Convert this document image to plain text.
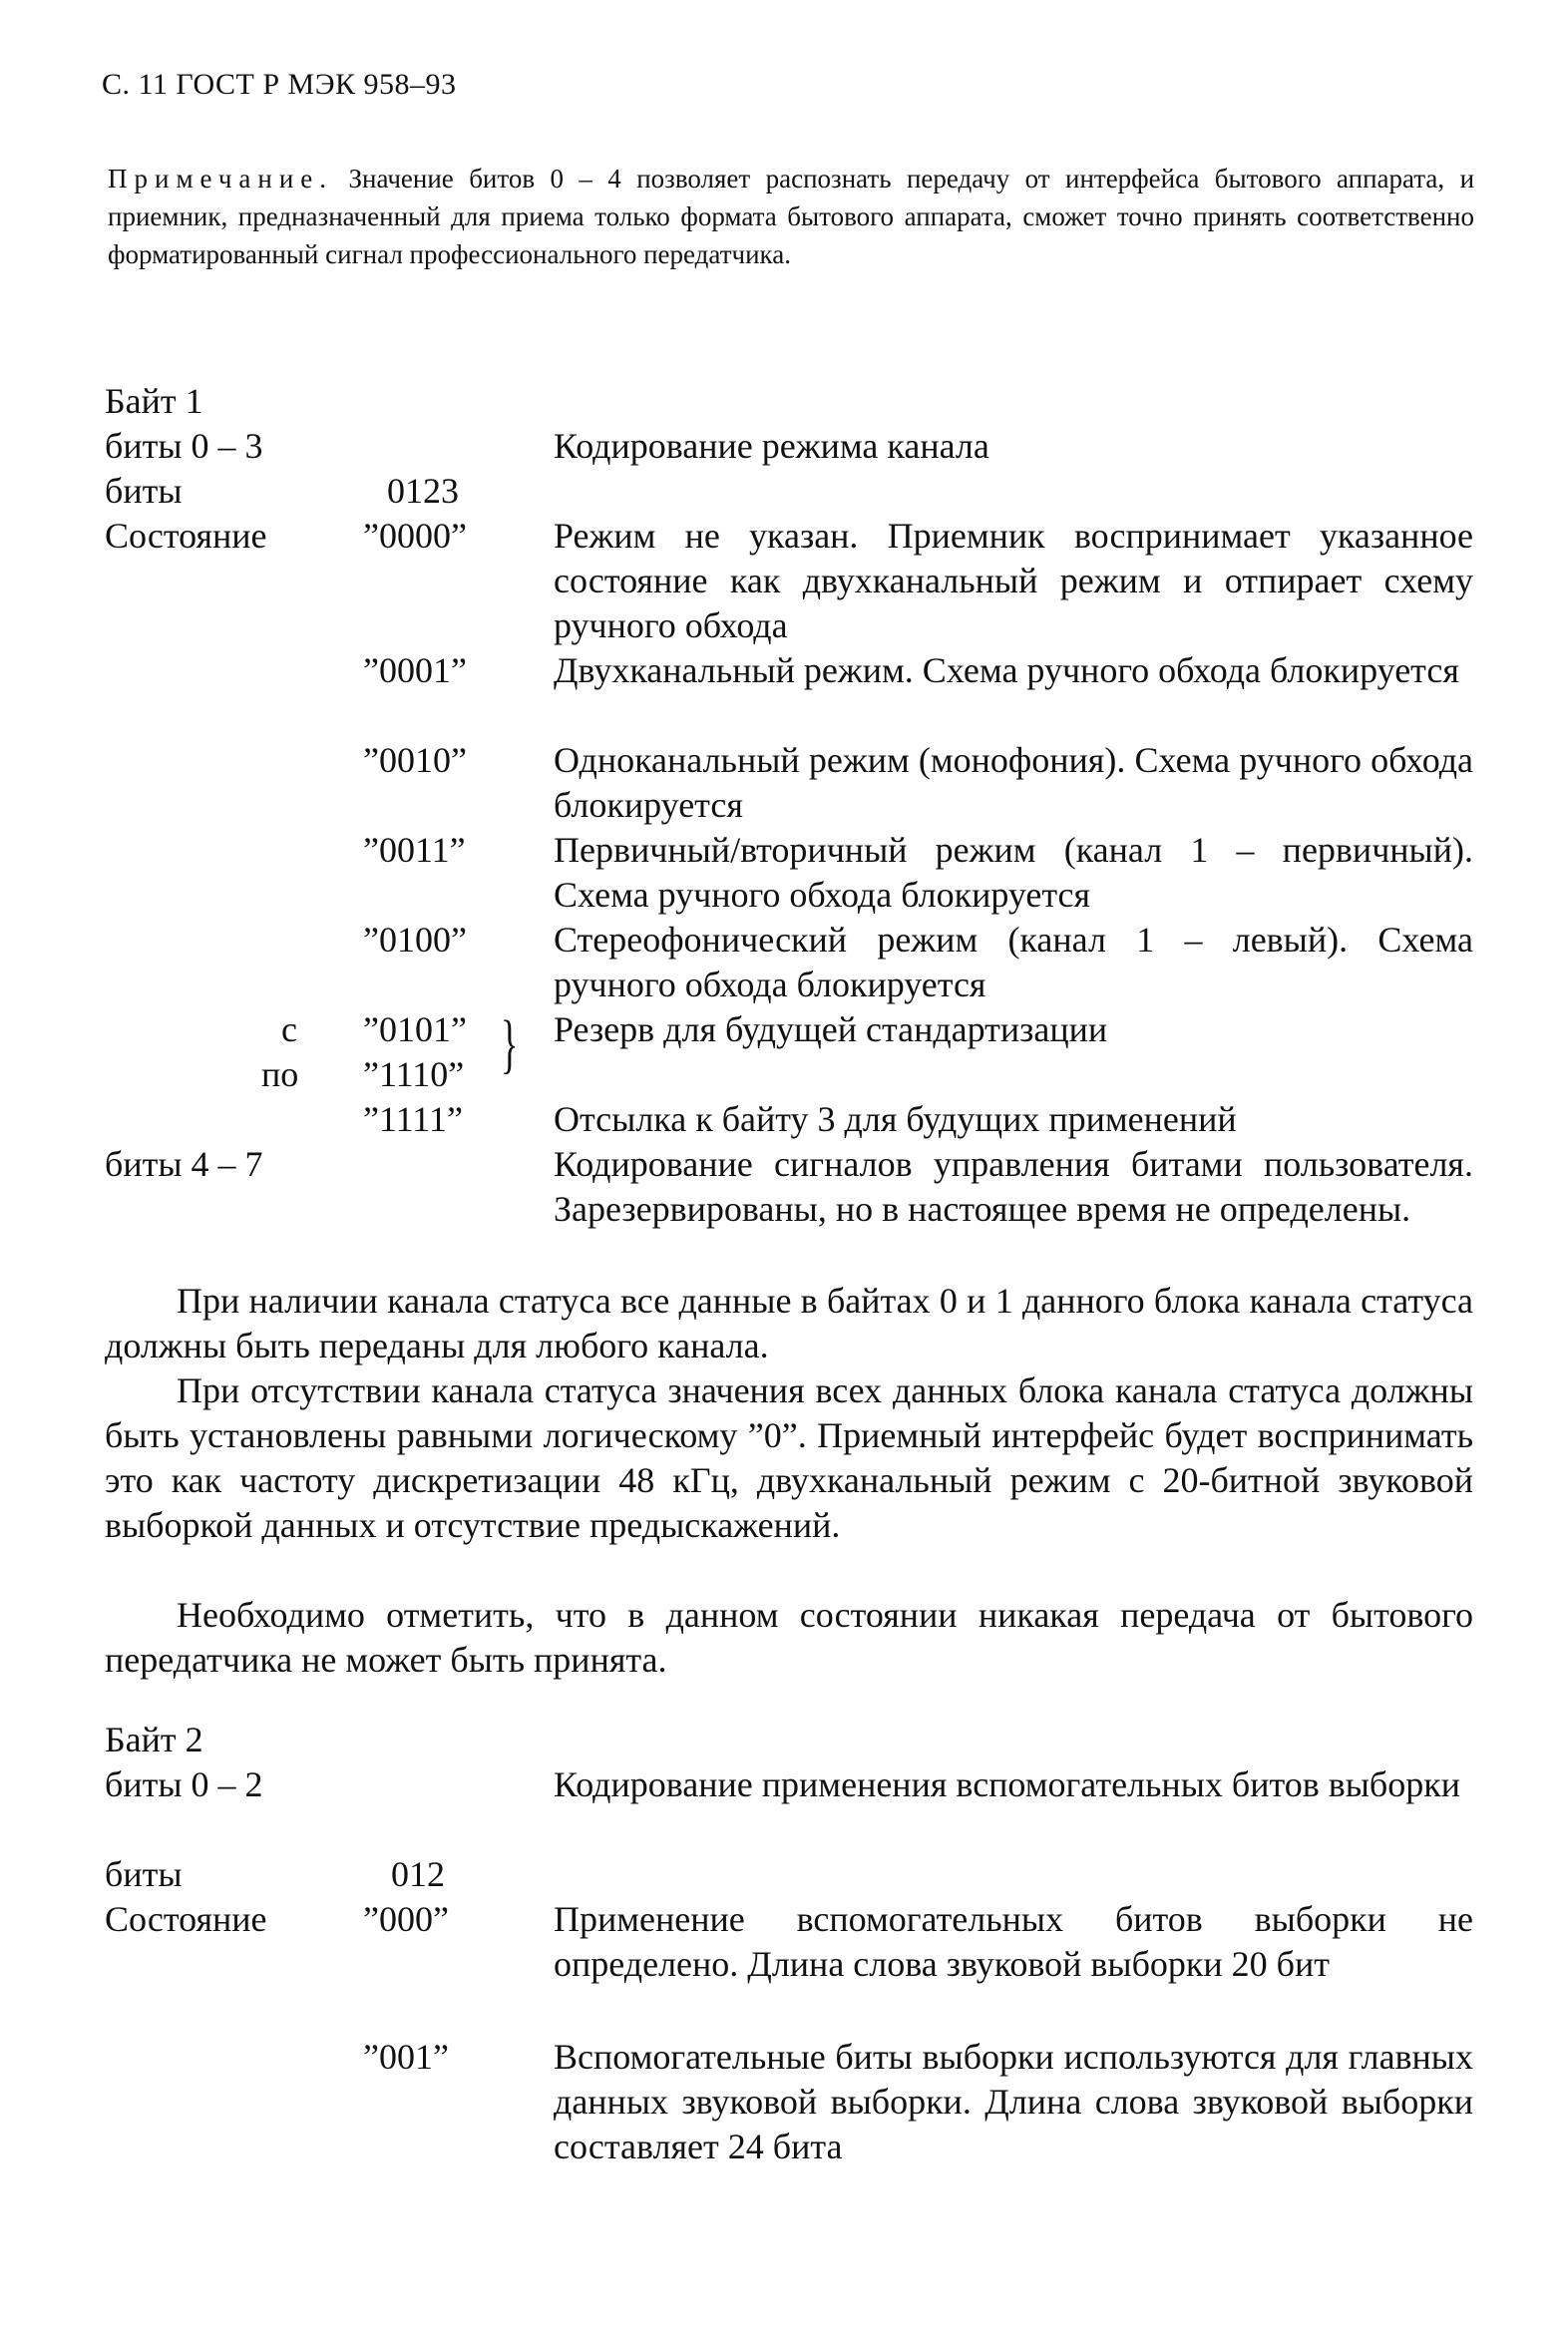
С. 11 ГОСТ Р МЭК 958–93
Примечание. Значение битов 0 – 4 позволяет распознать передачу от интерфейса бытового аппарата, и приемник, предназначенный для приема только формата бытового аппарата, сможет точно принять соответственно форматированный сигнал профессионального передатчика.
Байт 1
биты 0 – 3	Кодирование режима канала
биты	0123
Состояние	”0000” Режим не указан. Приемник воспринимает указанное состояние как двухканальный режим и отпирает схему ручного обхода
”0001” Двухканальный режим. Схема ручного обхода блокируется
”0010” Одноканальный режим (монофония). Схема ручного обхода блокируется
”0011” Первичный/вторичный режим (канал 1 – первичный). Схема ручного обхода блокируется
”0100” Стереофонический режим (канал 1 – левый). Схема ручного обхода блокируется
с ”0101” } Резерв для будущей стандартизации
по ”1110”
”1111”	Отсылка к байту 3 для будущих применений
биты 4 – 7	Кодирование сигналов управления битами пользователя. Зарезервированы, но в настоящее время не определены.
При наличии канала статуса все данные в байтах 0 и 1 данного блока канала статуса должны быть переданы для любого канала.
При отсутствии канала статуса значения всех данных блока канала статуса должны быть установлены равными логическому ”0”. Приемный интерфейс будет воспринимать это как частоту дискретизации 48 кГц, двухканальный режим с 20-битной звуковой выборкой данных и отсутствие предыскажений.
Необходимо отметить, что в данном состоянии никакая передача от бытового передатчика не может быть принята.
Байт 2
биты 0 – 2	Кодирование применения вспомогательных битов выборки
биты	012
Состояние	”000”	Применение вспомогательных битов выборки не определено. Длина слова звуковой выборки 20 бит
”001”	Вспомогательные биты выборки используются для главных данных звуковой выборки. Длина слова звуковой выборки составляет 24 бита
